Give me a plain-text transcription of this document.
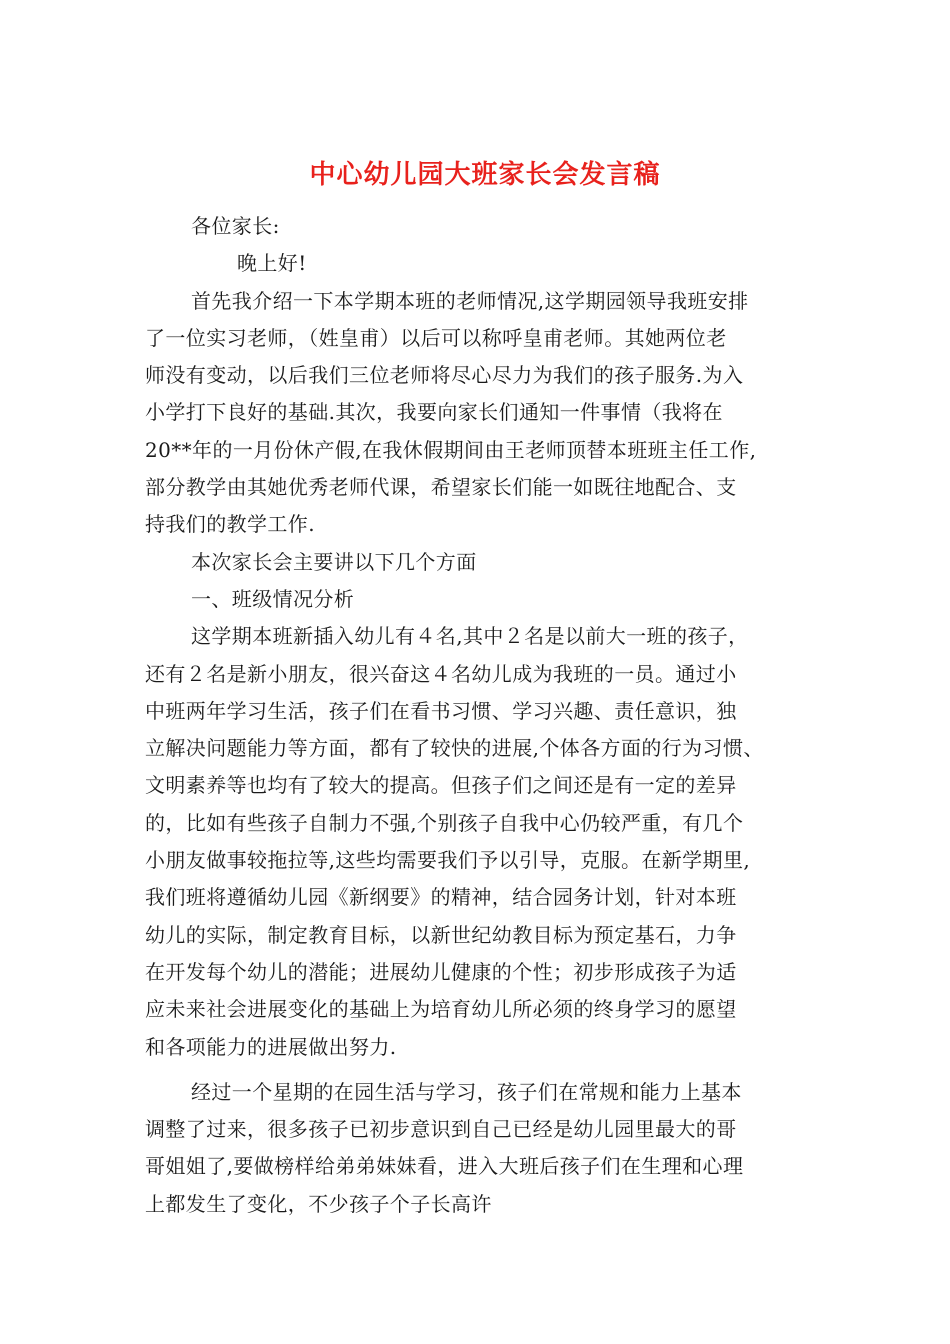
中心幼儿园大班家长会发言稿
各位家长:
晚上好!
首先我介绍一下本学期本班的老师情况,这学期园领导我班安排
了一位实习老师，（姓皇甫）以后可以称呼皇甫老师。其她两位老
师没有变动，以后我们三位老师将尽心尽力为我们的孩子服务.为入
小学打下良好的基础.其次，我要向家长们通知一件事情（我将在
20**年的一月份休产假,在我休假期间由王老师顶替本班班主任工作,
部分教学由其她优秀老师代课，希望家长们能一如既往地配合、支
持我们的教学工作.
本次家长会主要讲以下几个方面
一、班级情况分析
这学期本班新插入幼儿有４名,其中２名是以前大一班的孩子，
还有２名是新小朋友，很兴奋这４名幼儿成为我班的一员。通过小
中班两年学习生活，孩子们在看书习惯、学习兴趣、责任意识，独
立解决问题能力等方面，都有了较快的进展,个体各方面的行为习惯、
文明素养等也均有了较大的提高。但孩子们之间还是有一定的差异
的，比如有些孩子自制力不强,个别孩子自我中心仍较严重，有几个
小朋友做事较拖拉等,这些均需要我们予以引导，克服。在新学期里,
我们班将遵循幼儿园《新纲要》的精神，结合园务计划，针对本班
幼儿的实际，制定教育目标，以新世纪幼教目标为预定基石，力争
在开发每个幼儿的潜能；进展幼儿健康的个性；初步形成孩子为适
应未来社会进展变化的基础上为培育幼儿所必须的终身学习的愿望
和各项能力的进展做出努力.
经过一个星期的在园生活与学习，孩子们在常规和能力上基本
调整了过来，很多孩子已初步意识到自己已经是幼儿园里最大的哥
哥姐姐了,要做榜样给弟弟妹妹看，进入大班后孩子们在生理和心理
上都发生了变化，不少孩子个子长高许
